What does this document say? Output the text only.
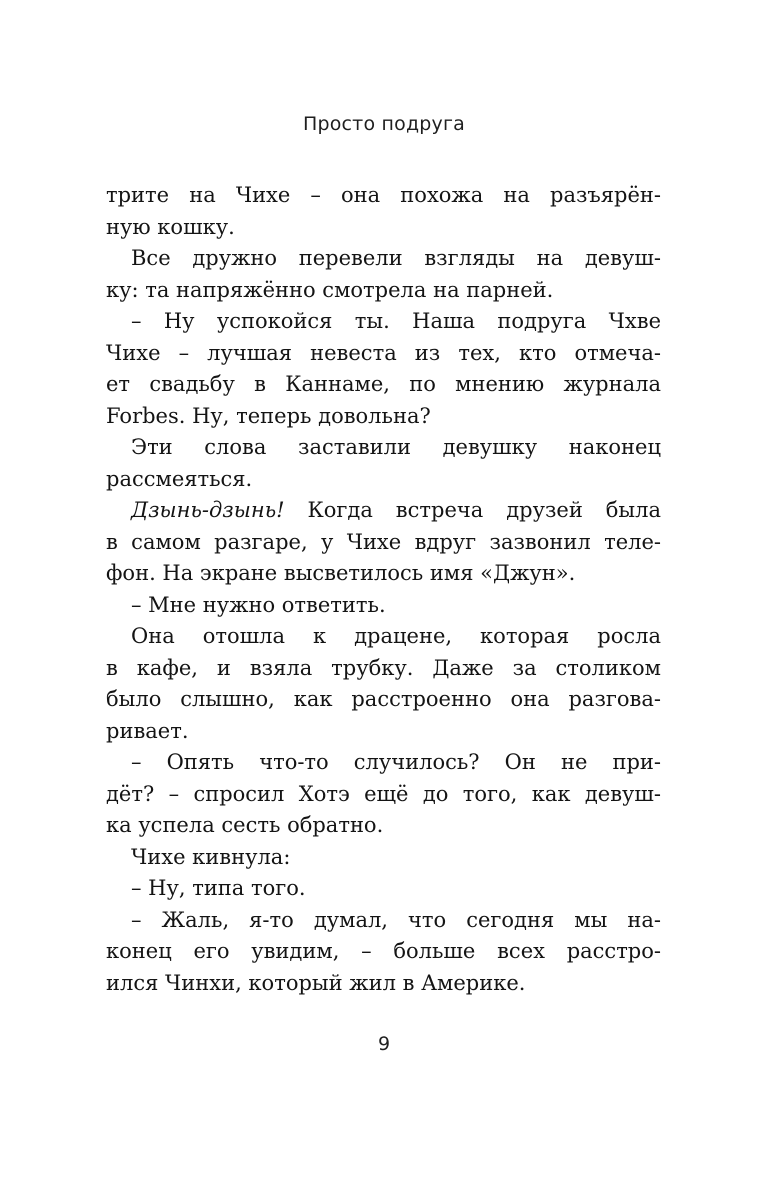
Просто подруга
трите на Чихе – она похожа на разъярён-
ную кошку.
Все дружно перевели взгляды на девуш-
ку: та напряжённо смотрела на парней.
– Ну успокойся ты. Наша подруга Чхве
Чихе – лучшая невеста из тех, кто отмеча-
ет свадьбу в Каннаме, по мнению журнала
Forbes. Ну, теперь довольна?
Эти слова заставили девушку наконец
рассмеяться.
Дзынь-дзынь! Когда встреча друзей была
в самом разгаре, у Чихе вдруг зазвонил теле-
фон. На экране высветилось имя «Джун».
– Мне нужно ответить.
Она отошла к драцене, которая росла
в кафе, и взяла трубку. Даже за столиком
было слышно, как расстроенно она разгова-
ривает.
– Опять что-то случилось? Он не при-
дёт? – спросил Хотэ ещё до того, как девуш-
ка успела сесть обратно.
Чихе кивнула:
– Ну, типа того.
– Жаль, я-то думал, что сегодня мы на-
конец его увидим, – больше всех расстро-
ился Чинхи, который жил в Америке.
9
